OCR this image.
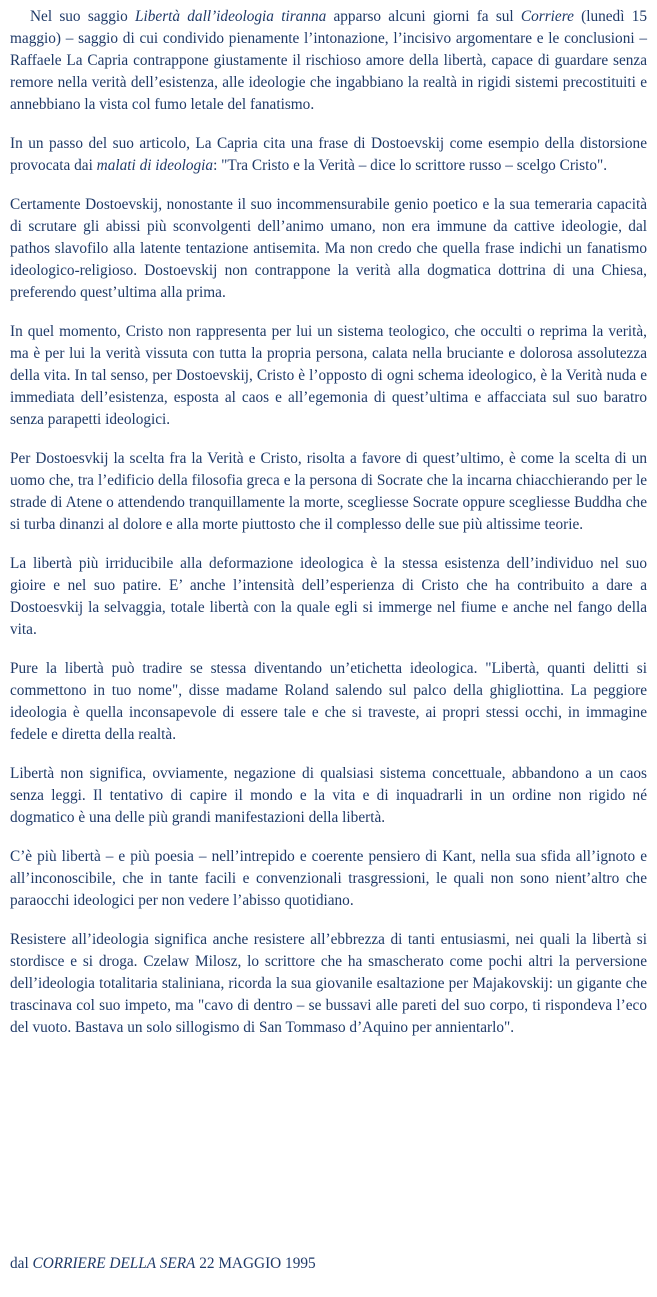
Nel suo saggio Libertà dall’ideologia tiranna apparso alcuni giorni fa sul Corriere (lunedì 15 maggio) – saggio di cui condivido pienamente l’intonazione, l’incisivo argomentare e le conclusioni – Raffaele La Capria contrappone giustamente il rischioso amore della libertà, capace di guardare senza remore nella verità dell’esistenza, alle ideologie che ingabbiano la realtà in rigidi sistemi precostituiti e annebbiano la vista col fumo letale del fanatismo.

In un passo del suo articolo, La Capria cita una frase di Dostoevskij come esempio della distorsione provocata dai malati di ideologia: "Tra Cristo e la Verità – dice lo scrittore russo – scelgo Cristo".

Certamente Dostoevskij, nonostante il suo incommensurabile genio poetico e la sua temeraria capacità di scrutare gli abissi più sconvolgenti dell’animo umano, non era immune da cattive ideologie, dal pathos slavofilo alla latente tentazione antisemita. Ma non credo che quella frase indichi un fanatismo ideologico-religioso. Dostoevskij non contrappone la verità alla dogmatica dottrina di una Chiesa, preferendo quest’ultima alla prima.

In quel momento, Cristo non rappresenta per lui un sistema teologico, che occulti o reprima la verità, ma è per lui la verità vissuta con tutta la propria persona, calata nella bruciante e dolorosa assolutezza della vita. In tal senso, per Dostoevskij, Cristo è l’opposto di ogni schema ideologico, è la Verità nuda e immediata dell’esistenza, esposta al caos e all’egemonia di quest’ultima e affacciata sul suo baratro senza parapetti ideologici.

Per Dostoesvkij la scelta fra la Verità e Cristo, risolta a favore di quest’ultimo, è come la scelta di un uomo che, tra l’edificio della filosofia greca e la persona di Socrate che la incarna chiacchierando per le strade di Atene o attendendo tranquillamente la morte, scegliesse Socrate oppure scegliesse Buddha che si turba dinanzi al dolore e alla morte piuttosto che il complesso delle sue più altissime teorie.

La libertà più irriducibile alla deformazione ideologica è la stessa esistenza dell’individuo nel suo gioire e nel suo patire. E’ anche l’intensità dell’esperienza di Cristo che ha contribuito a dare a Dostoesvkij la selvaggia, totale libertà con la quale egli si immerge nel fiume e anche nel fango della vita.

Pure la libertà può tradire se stessa diventando un’etichetta ideologica. "Libertà, quanti delitti si commettono in tuo nome", disse madame Roland salendo sul palco della ghigliottina. La peggiore ideologia è quella inconsapevole di essere tale e che si traveste, ai propri stessi occhi, in immagine fedele e diretta della realtà.

Libertà non significa, ovviamente, negazione di qualsiasi sistema concettuale, abbandono a un caos senza leggi. Il tentativo di capire il mondo e la vita e di inquadrarli in un ordine non rigido né dogmatico è una delle più grandi manifestazioni della libertà.

C’è più libertà – e più poesia – nell’intrepido e coerente pensiero di Kant, nella sua sfida all’ignoto e all’inconoscibile, che in tante facili e convenzionali trasgressioni, le quali non sono nient’altro che paraocchi ideologici per non vedere l’abisso quotidiano.

Resistere all’ideologia significa anche resistere all’ebbrezza di tanti entusiasmi, nei quali la libertà si stordisce e si droga. Czelaw Milosz, lo scrittore che ha smascherato come pochi altri la perversione dell’ideologia totalitaria staliniana, ricorda la sua giovanile esaltazione per Majakovskij: un gigante che trascinava col suo impeto, ma "cavo di dentro – se bussavi alle pareti del suo corpo, ti rispondeva l’eco del vuoto. Bastava un solo sillogismo di San Tommaso d’Aquino per annientarlo".

dal CORRIERE DELLA SERA 22 MAGGIO 1995
